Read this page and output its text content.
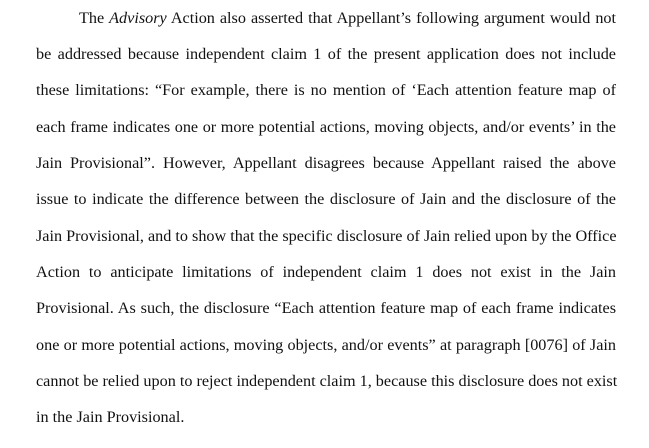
The Advisory Action also asserted that Appellant’s following argument would not
be addressed because independent claim 1 of the present application does not include
these limitations: “For example, there is no mention of ‘Each attention feature map of
each frame indicates one or more potential actions, moving objects, and/or events’ in the
Jain Provisional”. However, Appellant disagrees because Appellant raised the above
issue to indicate the difference between the disclosure of Jain and the disclosure of the
Jain Provisional, and to show that the specific disclosure of Jain relied upon by the Office
Action to anticipate limitations of independent claim 1 does not exist in the Jain
Provisional. As such, the disclosure “Each attention feature map of each frame indicates
one or more potential actions, moving objects, and/or events” at paragraph [0076] of Jain
cannot be relied upon to reject independent claim 1, because this disclosure does not exist
in the Jain Provisional.
